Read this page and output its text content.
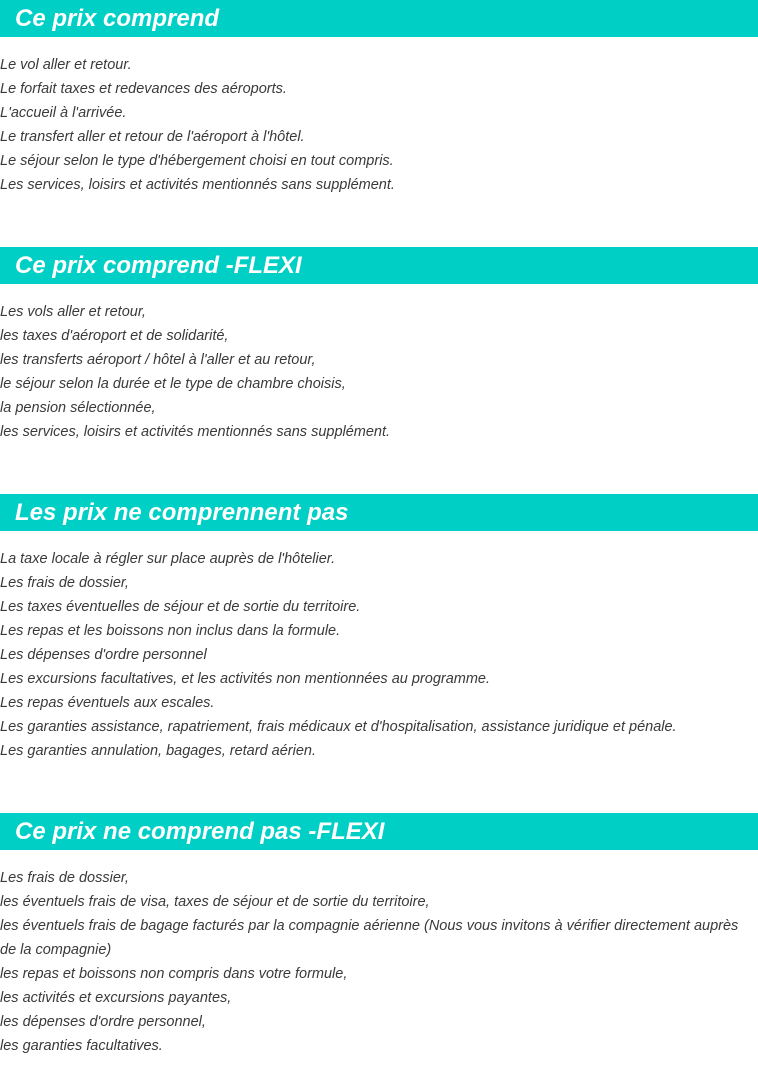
Ce prix comprend
Le vol aller et retour.
Le forfait taxes et redevances des aéroports.
L'accueil à l'arrivée.
Le transfert aller et retour de l'aéroport à l'hôtel.
Le séjour selon le type d'hébergement choisi en tout compris.
Les services, loisirs et activités mentionnés sans supplément.
Ce prix comprend -FLEXI
Les vols aller et retour,
les taxes d'aéroport et de solidarité,
les transferts aéroport / hôtel à l'aller et au retour,
le séjour selon la durée et le type de chambre choisis,
la pension sélectionnée,
les services, loisirs et activités mentionnés sans supplément.
Les prix ne comprennent pas
La taxe locale à régler sur place auprès de l'hôtelier.
Les frais de dossier,
Les taxes éventuelles de séjour et de sortie du territoire.
Les repas et les boissons non inclus dans la formule.
Les dépenses d'ordre personnel
Les excursions facultatives, et les activités non mentionnées au programme.
Les repas éventuels aux escales.
Les garanties assistance, rapatriement, frais médicaux et d'hospitalisation, assistance juridique et pénale.
Les garanties annulation, bagages, retard aérien.
Ce prix ne comprend pas -FLEXI
Les frais de dossier,
les éventuels frais de visa, taxes de séjour et de sortie du territoire,
les éventuels frais de bagage facturés par la compagnie aérienne (Nous vous invitons à vérifier directement auprès de la compagnie)
les repas et boissons non compris dans votre formule,
les activités et excursions payantes,
les dépenses d'ordre personnel,
les garanties facultatives.
